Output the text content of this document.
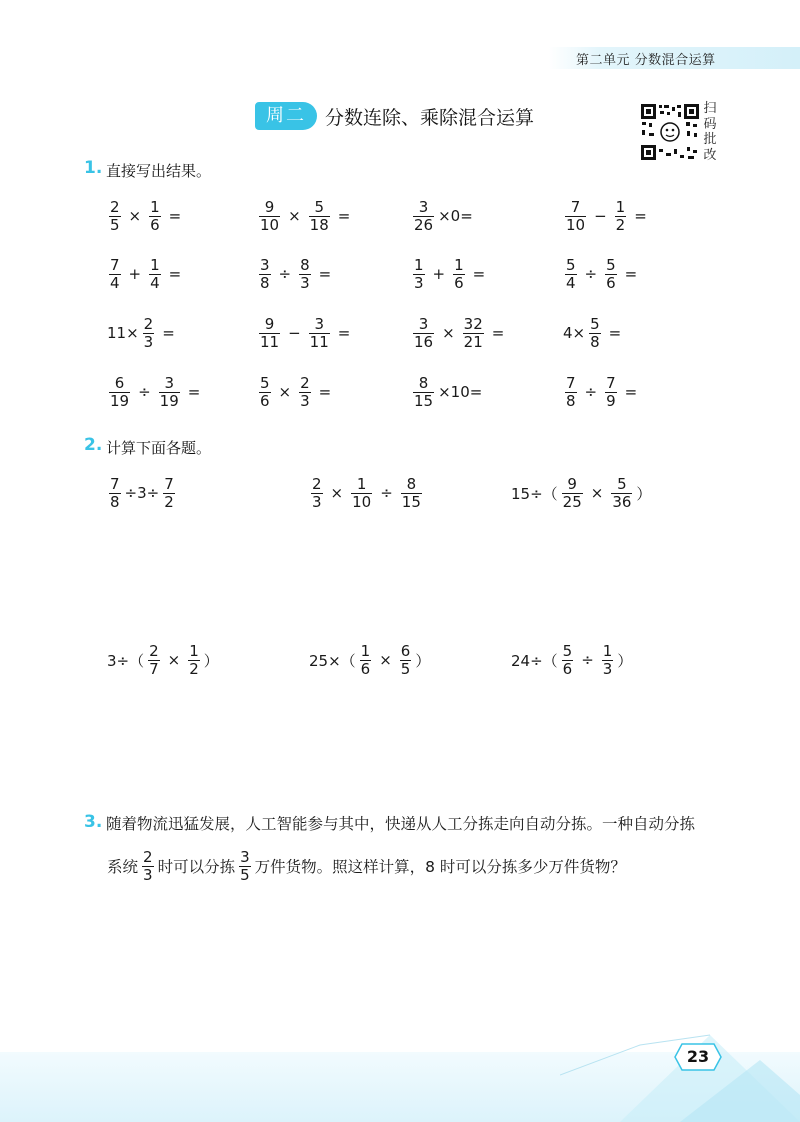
第二单元 分数混合运算
周二	分数连除、乘除混合运算	扫
码
批
改
1. 直接写出结果。
$\frac{2}{5} \times \frac{1}{6}$ =	$\frac{9}{10} \times \frac{5}{18}$ =	$\frac{3}{26} \times 0=$	$\frac{7}{10} - \frac{1}{2}$ =
$\frac{7}{4} + \frac{1}{4}$ =	$\frac{3}{8} \div \frac{8}{3}$ =	$\frac{1}{3} + \frac{1}{6}$ =	$\frac{5}{4} \div \frac{5}{6}$ =
$11\times \frac{2}{3}$ =	$\frac{9}{11} - \frac{3}{11}$ =	$\frac{3}{16} \times \frac{32}{21}$ =	$4\times \frac{5}{8}$ =
$\frac{6}{19} \div \frac{3}{19}$ =	$\frac{5}{6} \times \frac{2}{3}$ =	$\frac{8}{15} \times 10=$	$\frac{7}{8} \div \frac{7}{9}$ =
2. 计算下面各题。
$\frac{7}{8} \div 3\div \frac{7}{2}$	$\frac{2}{3} \times \frac{1}{10} \div \frac{8}{15}$	$15\div( \frac{9}{25} \times \frac{5}{36}$ ）
$3\div( \frac{2}{7} \times \frac{1}{2}$ ）	$25\times( \frac{1}{6} \times \frac{6}{5}$ ）	$24\div( \frac{5}{6} \div \frac{1}{3}$ ）
3. 随着物流迅猛发展，人工智能参与其中，快递从人工分拣走向自动分拣。一种自动分拣
系统 $\frac{2}{3}$ 时可以分拣 $\frac{3}{5}$ 万件货物。照这样计算，8 时可以分拣多少万件货物？
23
